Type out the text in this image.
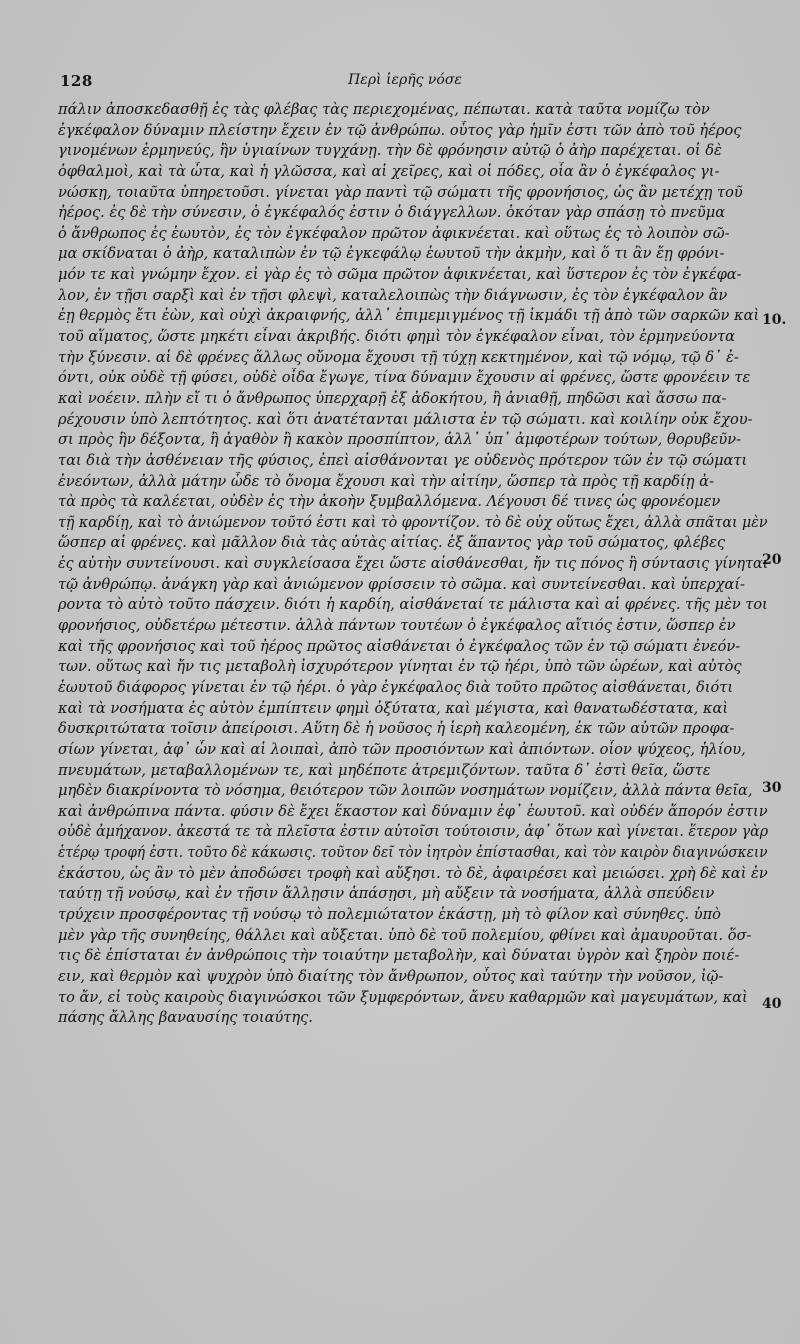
128	Περὶ ἱερῆς νόσε
πάλιν ἀποσκεδασθῇ ἐς τὰς φλέβας τὰς περιεχομένας, πέπωται. κατὰ ταῦτα νομίζω τὸν
ἐγκέφαλον δύναμιν πλείστην ἔχειν ἐν τῷ ἀνθρώπω. οὗτος γὰρ ἡμῖν ἐστι τῶν ἀπὸ τοῦ ἠέρος
γινομένων ἑρμηνεύς, ἢν ὑγιαίνων τυγχάνῃ. τὴν δὲ φρόνησιν αὐτῷ ὁ ἀὴρ παρέχεται. οἱ δὲ
ὀφθαλμοὶ, καὶ τὰ ὦτα, καὶ ἡ γλῶσσα, καὶ αἱ χεῖρες, καὶ οἱ πόδες, οἷα ἂν ὁ ἐγκέφαλος γι-
νώσκῃ, τοιαῦτα ὑπηρετοῦσι. γίνεται γὰρ παντὶ τῷ σώματι τῆς φρονήσιος, ὡς ἂν μετέχῃ τοῦ
ἠέρος. ἐς δὲ τὴν σύνεσιν, ὁ ἐγκέφαλός ἐστιν ὁ διάγγελλων. ὁκόταν γὰρ σπάσῃ τὸ πνεῦμα
ὁ ἄνθρωπος ἐς ἑωυτὸν, ἐς τὸν ἐγκέφαλον πρῶτον ἀφικνέεται. καὶ οὕτως ἐς τὸ λοιπὸν σῶ-
μα σκίδναται ὁ ἀὴρ, καταλιπὼν ἐν τῷ ἐγκεφάλῳ ἑωυτοῦ τὴν ἀκμὴν, καὶ ὅ τι ἂν ἔῃ φρόνι-
μόν τε καὶ γνώμην ἔχον. εἰ γὰρ ἐς τὸ σῶμα πρῶτον ἀφικνέεται, καὶ ὕστερον ἐς τὸν ἐγκέφα-
λον, ἐν τῇσι σαρξὶ καὶ ἐν τῇσι φλεψὶ, καταλελοιπὼς τὴν διάγνωσιν, ἐς τὸν ἐγκέφαλον ἂν
ἐῃ θερμὸς ἔτι ἐὼν, καὶ οὐχὶ ἀκραιφνής, ἀλλ᾽ ἐπιμεμιγμένος τῇ ἰκμάδι τῇ ἀπὸ τῶν σαρκῶν καὶ
τοῦ αἵματος, ὥστε μηκέτι εἶναι ἀκριβής. διότι φημὶ τὸν ἐγκέφαλον εἶναι, τὸν ἑρμηνεύοντα
τὴν ξύνεσιν. αἱ δὲ φρένες ἄλλως οὔνομα ἔχουσι τῇ τύχῃ κεκτημένον, καὶ τῷ νόμῳ, τῷ δ᾽ ἐ-
όντι, οὐκ οὐδὲ τῇ φύσει, οὐδὲ οἶδα ἔγωγε, τίνα δύναμιν ἔχουσιν αἱ φρένες, ὥστε φρονέειν τε
καὶ νοέειν. πλὴν εἴ τι ὁ ἄνθρωπος ὑπερχαρῇ ἐξ ἀδοκήτου, ἢ ἀνιαθῇ, πηδῶσι καὶ ἄσσω πα-
ρέχουσιν ὑπὸ λεπτότητος. καὶ ὅτι ἀνατέτανται μάλιστα ἐν τῷ σώματι. καὶ κοιλίην οὐκ ἔχου-
σι πρὸς ἣν δέξοντα, ἢ ἀγαθὸν ἢ κακὸν προσπίπτον, ἀλλ᾽ ὑπ᾽ ἀμφοτέρων τούτων, θορυβεῦν-
ται διὰ τὴν ἀσθένειαν τῆς φύσιος, ἐπεὶ αἰσθάνονται γε οὐδενὸς πρότερον τῶν ἐν τῷ σώματι
ἐνεόντων, ἀλλὰ μάτην ὧδε τὸ ὄνομα ἔχουσι καὶ τὴν αἰτίην, ὥσπερ τὰ πρὸς τῇ καρδίῃ ἀ-
τὰ πρὸς τὰ καλέεται, οὐδὲν ἐς τὴν ἀκοὴν ξυμβαλλόμενα. Λέγουσι δέ τινες ὡς φρονέομεν
τῇ καρδίῃ, καὶ τὸ ἀνιώμενον τοῦτό ἐστι καὶ τὸ φροντίζον. τὸ δὲ οὐχ οὕτως ἔχει, ἀλλὰ σπᾶται μὲν
ὥσπερ αἱ φρένες. καὶ μᾶλλον διὰ τὰς αὐτὰς αἰτίας. ἐξ ἅπαντος γὰρ τοῦ σώματος, φλέβες
ἐς αὐτὴν συντείνουσι. καὶ συγκλείσασα ἔχει ὥστε αἰσθάνεσθαι, ἤν τις πόνος ἢ σύντασις γίνηται
τῷ ἀνθρώπῳ. ἀνάγκη γὰρ καὶ ἀνιώμενον φρίσσειν τὸ σῶμα. καὶ συντείνεσθαι. καὶ ὑπερχαί-
ροντα τὸ αὐτὸ τοῦτο πάσχειν. διότι ἡ καρδίη, αἰσθάνεταί τε μάλιστα καὶ αἱ φρένες. τῆς μὲν τοι
φρονήσιος, οὐδετέρω μέτεστιν. ἀλλὰ πάντων τουτέων ὁ ἐγκέφαλος αἴτιός ἐστιν, ὥσπερ ἐν
καὶ τῆς φρονήσιος καὶ τοῦ ἠέρος πρῶτος αἰσθάνεται ὁ ἐγκέφαλος τῶν ἐν τῷ σώματι ἐνεόν-
των. οὕτως καὶ ἤν τις μεταβολὴ ἰσχυρότερον γίνηται ἐν τῷ ἠέρι, ὑπὸ τῶν ὡρέων, καὶ αὐτὸς
ἑωυτοῦ διάφορος γίνεται ἐν τῷ ἠέρι. ὁ γὰρ ἐγκέφαλος διὰ τοῦτο πρῶτος αἰσθάνεται, διότι
καὶ τὰ νοσήματα ἐς αὐτὸν ἐμπίπτειν φημὶ ὀξύτατα, καὶ μέγιστα, καὶ θανατωδέστατα, καὶ
δυσκριτώτατα τοῖσιν ἀπείροισι. Αὕτη δὲ ἡ νοῦσος ἡ ἱερὴ καλεομένη, ἐκ τῶν αὐτῶν προφα-
σίων γίνεται, ἀφ᾽ ὧν καὶ αἱ λοιπαὶ, ἀπὸ τῶν προσιόντων καὶ ἀπιόντων. οἷον ψύχεος, ἡλίου,
πνευμάτων, μεταβαλλομένων τε, καὶ μηδέποτε ἀτρεμιζόντων. ταῦτα δ᾽ ἐστὶ θεῖα, ὥστε
μηδὲν διακρίνοντα τὸ νόσημα, θειότερον τῶν λοιπῶν νοσημάτων νομίζειν, ἀλλὰ πάντα θεῖα,
καὶ ἀνθρώπινα πάντα. φύσιν δὲ ἔχει ἕκαστον καὶ δύναμιν ἐφ᾽ ἑωυτοῦ. καὶ οὐδέν ἄπορόν ἐστιν
οὐδὲ ἀμήχανον. ἀκεστά τε τὰ πλεῖστα ἐστιν αὐτοῖσι τούτοισιν, ἀφ᾽ ὅτων καὶ γίνεται. ἕτερον γὰρ
ἑτέρῳ τροφή ἐστι. τοῦτο δὲ κάκωσις. τοῦτον δεῖ τὸν ἰητρὸν ἐπίστασθαι, καὶ τὸν καιρὸν διαγινώσκειν
ἑκάστου, ὡς ἂν τὸ μὲν ἀποδώσει τροφὴ καὶ αὔξησι. τὸ δὲ, ἀφαιρέσει καὶ μειώσει. χρὴ δὲ καὶ ἐν
ταύτῃ τῇ νούσῳ, καὶ ἐν τῇσιν ἄλλῃσιν ἁπάσῃσι, μὴ αὔξειν τὰ νοσήματα, ἀλλὰ σπεύδειν
τρύχειν προσφέροντας τῇ νούσῳ τὸ πολεμιώτατον ἑκάστῃ, μὴ τὸ φίλον καὶ σύνηθες. ὑπὸ
μὲν γὰρ τῆς συνηθείης, θάλλει καὶ αὔξεται. ὑπὸ δὲ τοῦ πολεμίου, φθίνει καὶ ἀμαυροῦται. ὅσ-
τις δὲ ἐπίσταται ἐν ἀνθρώποις τὴν τοιαύτην μεταβολὴν, καὶ δύναται ὑγρὸν καὶ ξηρὸν ποιέ-
ειν, καὶ θερμὸν καὶ ψυχρὸν ὑπὸ διαίτης τὸν ἄνθρωπον, οὗτος καὶ ταύτην τὴν νοῦσον, ἰῷ-
το ἄν, εἰ τοὺς καιροὺς διαγινώσκοι τῶν ξυμφερόντων, ἄνευ καθαρμῶν καὶ μαγευμάτων, καὶ
πάσης ἄλλης βαναυσίης τοιαύτης.
10.
20
30
40
